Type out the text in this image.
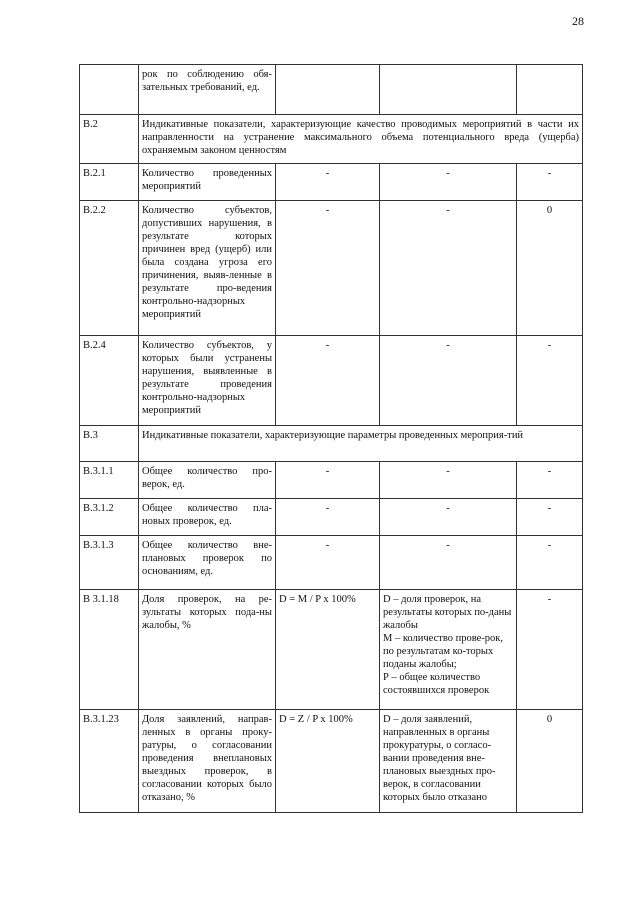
28
	рок по соблюдению обя-зательных требований, ед.			
В.2	Индикативные показатели, характеризующие качество проводимых мероприятий в части их направленности на устранение максимального объема потенциального вреда (ущерба) охраняемым законом ценностям			
В.2.1	Количество проведенных мероприятий	-	-	-
В.2.2	Количество субъектов, допустивших нарушения, в результате которых причинен вред (ущерб) или была создана угроза его причинения, выяв-ленные в результате про-ведения контрольно-надзорных мероприятий	-	-	0
В.2.4	Количество субъектов, у которых были устранены нарушения, выявленные в результате проведения контрольно-надзорных мероприятий	-	-	-
В.3	Индикативные показатели, характеризующие параметры проведенных мероприя-тий			
В.3.1.1	Общее количество про-верок, ед.	-	-	-
В.3.1.2	Общее количество пла-новых проверок, ед.	-	-	-
В.3.1.3	Общее количество вне-плановых проверок по основаниям, ед.	-	-	-
В 3.1.18	Доля проверок, на ре-зультаты которых пода-ны жалобы, %	D = M / P x 100%	D – доля проверок, на результаты которых по-даны жалобы
М – количество прове-рок, по результатам ко-торых поданы жалобы;
Р – общее количество состоявшихся проверок	-
В.3.1.23	Доля заявлений, направ-ленных в органы проку-ратуры, о согласовании проведения внеплановых выездных проверок, в согласовании которых было отказано, %	D = Z / P x 100%	D – доля заявлений, направленных в органы прокуратуры, о согласо-вании проведения вне-плановых выездных про-верок, в согласовании которых было отказано	0
